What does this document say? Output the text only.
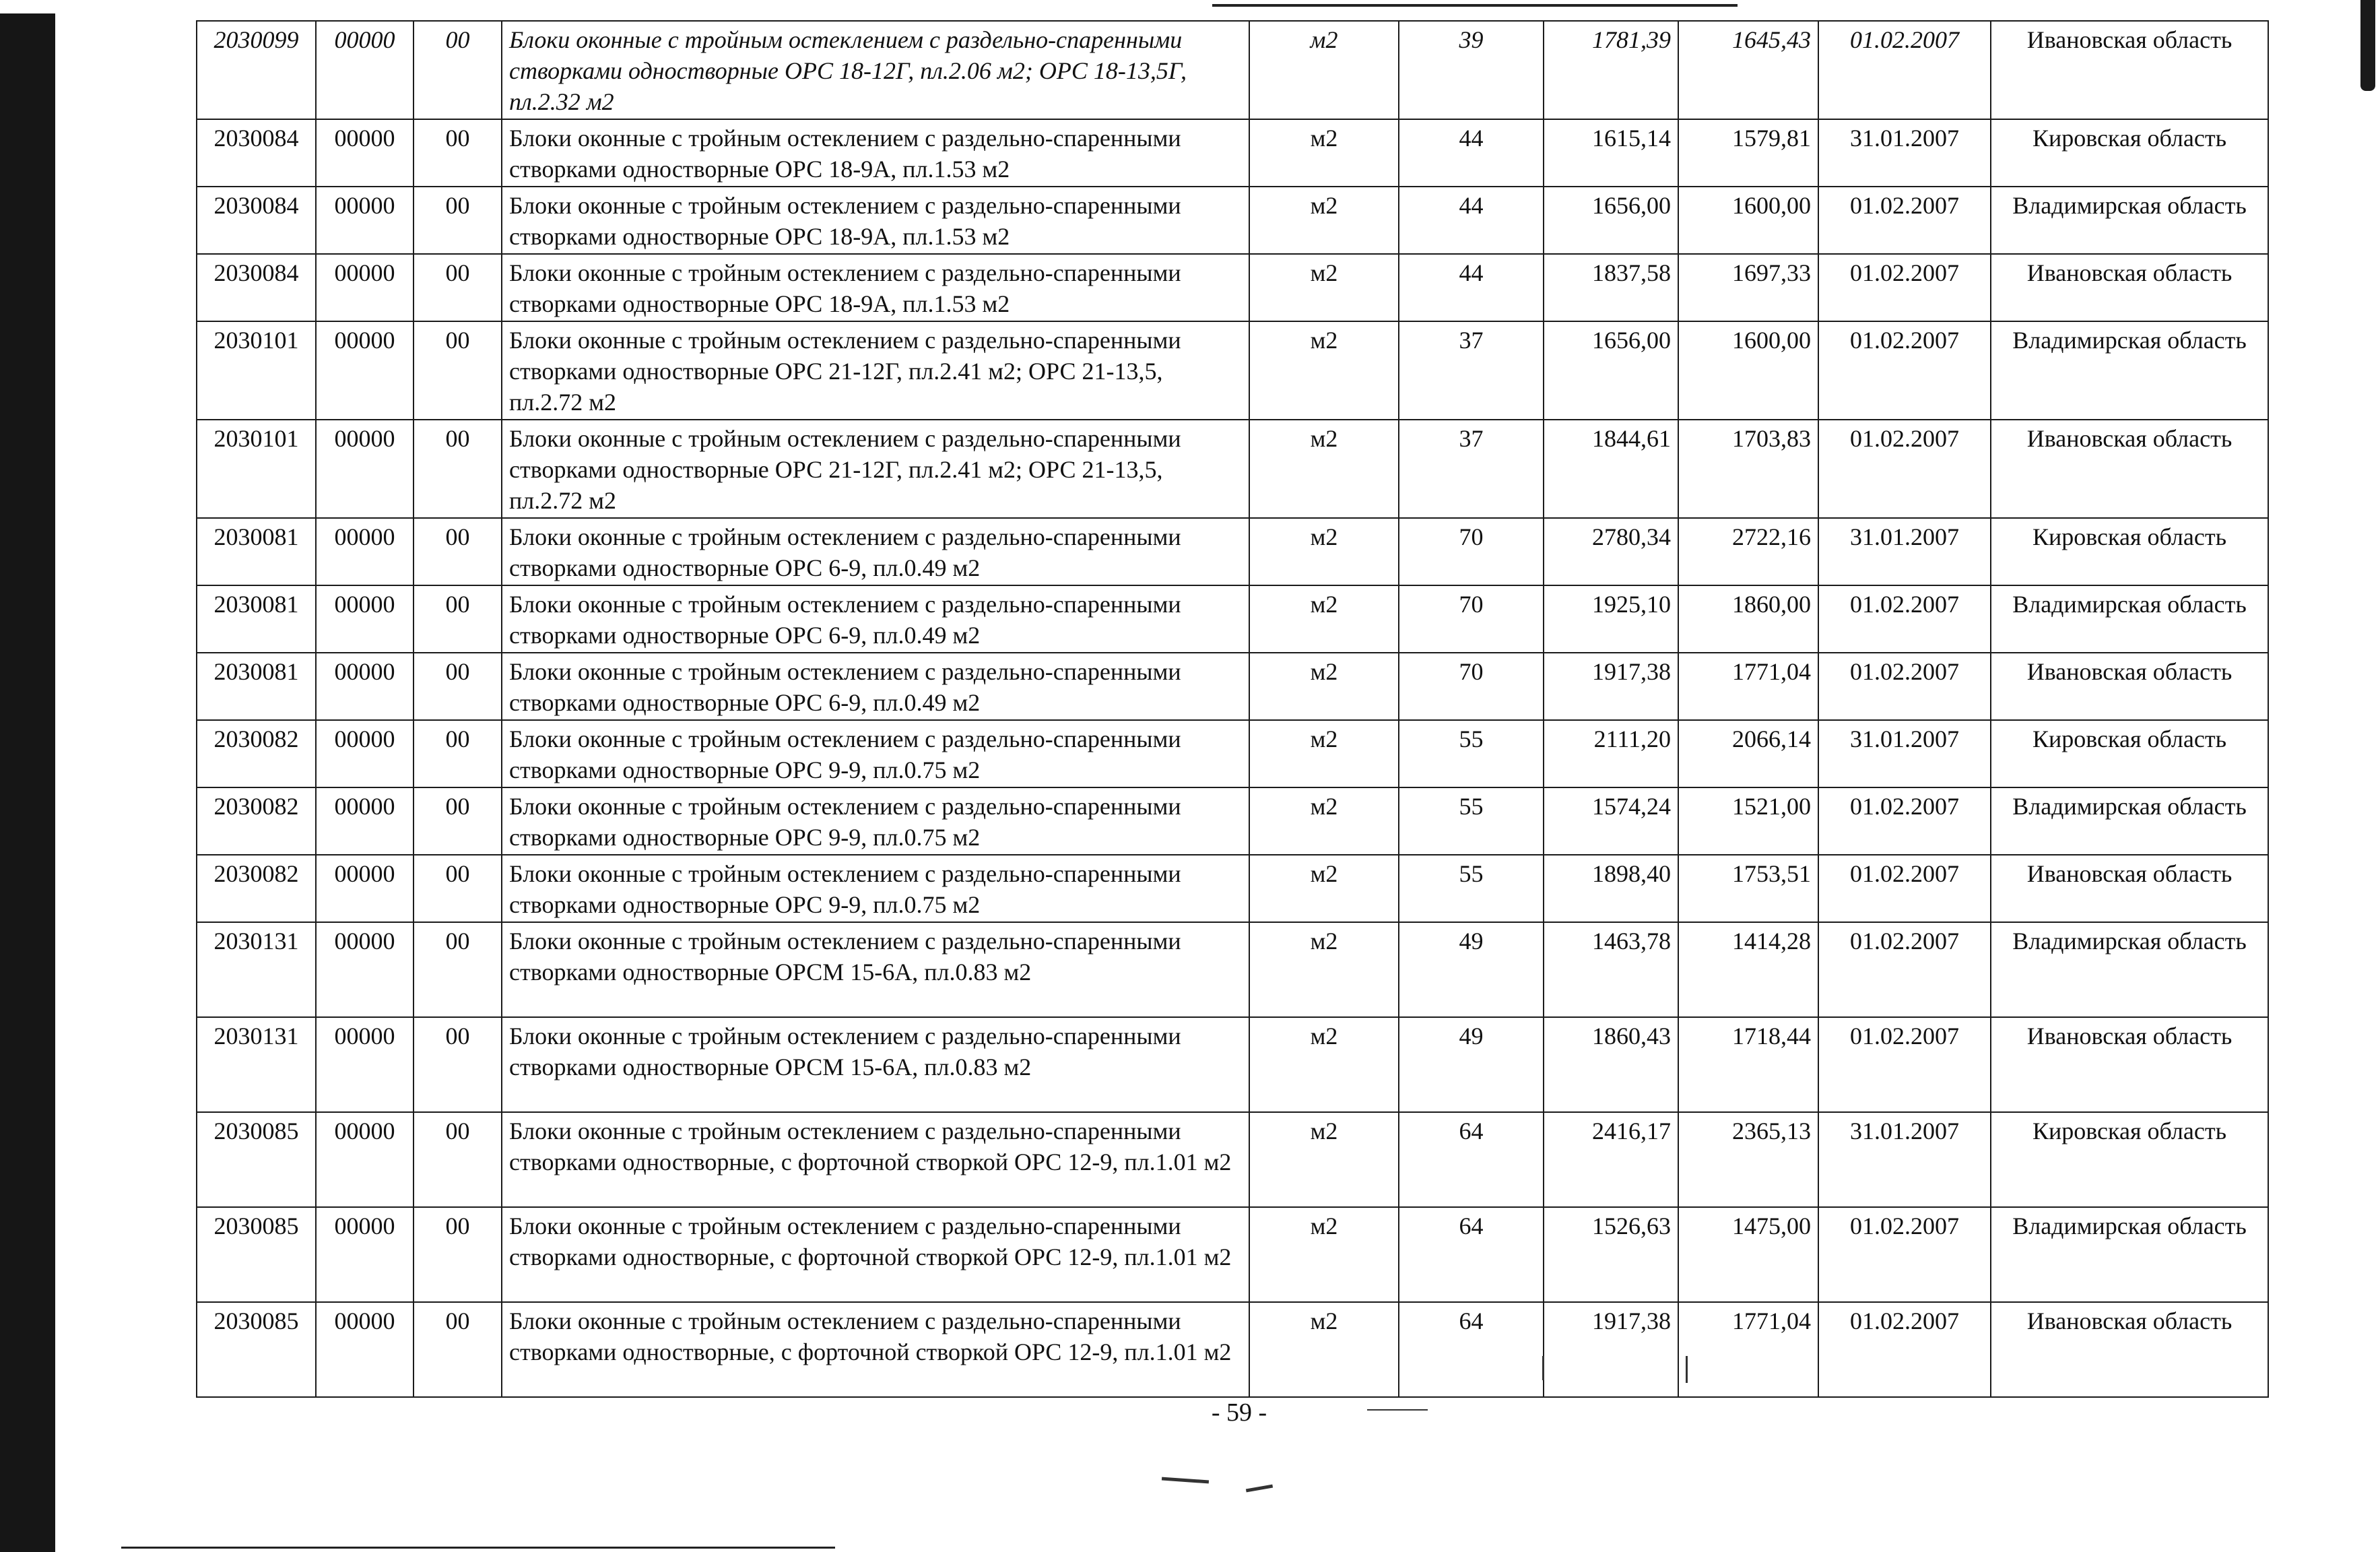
2030099	00000	00	Блоки оконные с тройным остеклением с раздельно-спаренными створками одностворные ОРС 18-12Г, пл.2.06 м2; ОРС 18-13,5Г, пл.2.32 м2	м2	39	1781,39	1645,43	01.02.2007	Ивановская область
2030084	00000	00	Блоки оконные с тройным остеклением с раздельно-спаренными створками одностворные ОРС 18-9А, пл.1.53 м2	м2	44	1615,14	1579,81	31.01.2007	Кировская область
2030084	00000	00	Блоки оконные с тройным остеклением с раздельно-спаренными створками одностворные ОРС 18-9А, пл.1.53 м2	м2	44	1656,00	1600,00	01.02.2007	Владимирская область
2030084	00000	00	Блоки оконные с тройным остеклением с раздельно-спаренными створками одностворные ОРС 18-9А, пл.1.53 м2	м2	44	1837,58	1697,33	01.02.2007	Ивановская область
2030101	00000	00	Блоки оконные с тройным остеклением с раздельно-спаренными створками одностворные ОРС 21-12Г, пл.2.41 м2; ОРС 21-13,5, пл.2.72 м2	м2	37	1656,00	1600,00	01.02.2007	Владимирская область
2030101	00000	00	Блоки оконные с тройным остеклением с раздельно-спаренными створками одностворные ОРС 21-12Г, пл.2.41 м2; ОРС 21-13,5, пл.2.72 м2	м2	37	1844,61	1703,83	01.02.2007	Ивановская область
2030081	00000	00	Блоки оконные с тройным остеклением с раздельно-спаренными створками одностворные ОРС 6-9, пл.0.49 м2	м2	70	2780,34	2722,16	31.01.2007	Кировская область
2030081	00000	00	Блоки оконные с тройным остеклением с раздельно-спаренными створками одностворные ОРС 6-9, пл.0.49 м2	м2	70	1925,10	1860,00	01.02.2007	Владимирская область
2030081	00000	00	Блоки оконные с тройным остеклением с раздельно-спаренными створками одностворные ОРС 6-9, пл.0.49 м2	м2	70	1917,38	1771,04	01.02.2007	Ивановская область
2030082	00000	00	Блоки оконные с тройным остеклением с раздельно-спаренными створками одностворные ОРС 9-9, пл.0.75 м2	м2	55	2111,20	2066,14	31.01.2007	Кировская область
2030082	00000	00	Блоки оконные с тройным остеклением с раздельно-спаренными створками одностворные ОРС 9-9, пл.0.75 м2	м2	55	1574,24	1521,00	01.02.2007	Владимирская область
2030082	00000	00	Блоки оконные с тройным остеклением с раздельно-спаренными створками одностворные ОРС 9-9, пл.0.75 м2	м2	55	1898,40	1753,51	01.02.2007	Ивановская область
2030131	00000	00	Блоки оконные с тройным остеклением с раздельно-спаренными створками одностворные ОРСМ 15-6А, пл.0.83 м2	м2	49	1463,78	1414,28	01.02.2007	Владимирская область
2030131	00000	00	Блоки оконные с тройным остеклением с раздельно-спаренными створками одностворные ОРСМ 15-6А, пл.0.83 м2	м2	49	1860,43	1718,44	01.02.2007	Ивановская область
2030085	00000	00	Блоки оконные с тройным остеклением с раздельно-спаренными створками одностворные, с форточной створкой ОРС 12-9, пл.1.01 м2	м2	64	2416,17	2365,13	31.01.2007	Кировская область
2030085	00000	00	Блоки оконные с тройным остеклением с раздельно-спаренными створками одностворные, с форточной створкой ОРС 12-9, пл.1.01 м2	м2	64	1526,63	1475,00	01.02.2007	Владимирская область
2030085	00000	00	Блоки оконные с тройным остеклением с раздельно-спаренными створками одностворные, с форточной створкой ОРС 12-9, пл.1.01 м2	м2	64	1917,38	1771,04	01.02.2007	Ивановская область
- 59 -
